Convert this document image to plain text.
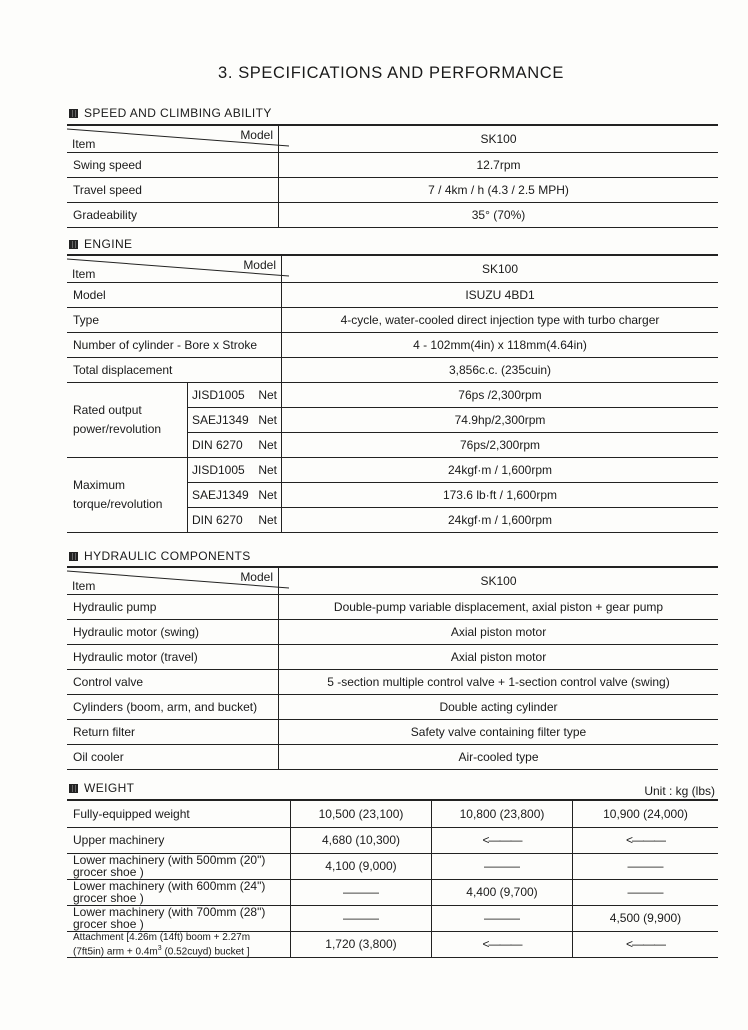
3. SPECIFICATIONS AND PERFORMANCE
SPEED AND CLIMBING ABILITY
Model
Item	SK100
Swing speed	12.7rpm
Travel speed	7 / 4km / h (4.3 / 2.5 MPH)
Gradeability	35° (70%)
ENGINE
Model
Item		SK100
Model		ISUZU 4BD1
Type		4-cycle, water-cooled direct injection type with turbo charger
Number of cylinder - Bore x Stroke		4 - 102mm(4in) x 118mm(4.64in)
Total displacement		3,856c.c. (235cuin)
Rated output power/revolution	JISD1005 Net	76ps /2,300rpm
	SAEJ1349 Net	74.9hp/2,300rpm
	DIN 6270 Net	76ps/2,300rpm
Maximum torque/revolution	JISD1005 Net	24kgf·m / 1,600rpm
	SAEJ1349 Net	173.6 lb·ft / 1,600rpm
	DIN 6270 Net	24kgf·m / 1,600rpm
HYDRAULIC COMPONENTS
Model
Item	SK100
Hydraulic pump	Double-pump variable displacement, axial piston + gear pump
Hydraulic motor (swing)	Axial piston motor
Hydraulic motor (travel)	Axial piston motor
Control valve	5 -section multiple control valve + 1-section control valve (swing)
Cylinders (boom, arm, and bucket)	Double acting cylinder
Return filter	Safety valve containing filter type
Oil cooler	Air-cooled type
WEIGHT	Unit : kg (lbs)
Fully-equipped weight	10,500 (23,100)	10,800 (23,800)	10,900 (24,000)
Upper machinery	4,680 (10,300)	<———	<———
Lower machinery (with 500mm (20") grocer shoe )	4,100 (9,000)	———	———
Lower machinery (with 600mm (24") grocer shoe )	———	4,400 (9,700)	———
Lower machinery (with 700mm (28") grocer shoe )	———	———	4,500 (9,900)

Attachment [4.26m (14ft) boom + 2.27m
(7ft5in) arm + $0.4m^3$ (0.52cuyd) bucket ]	1,720 (3,800)	<———	<———
